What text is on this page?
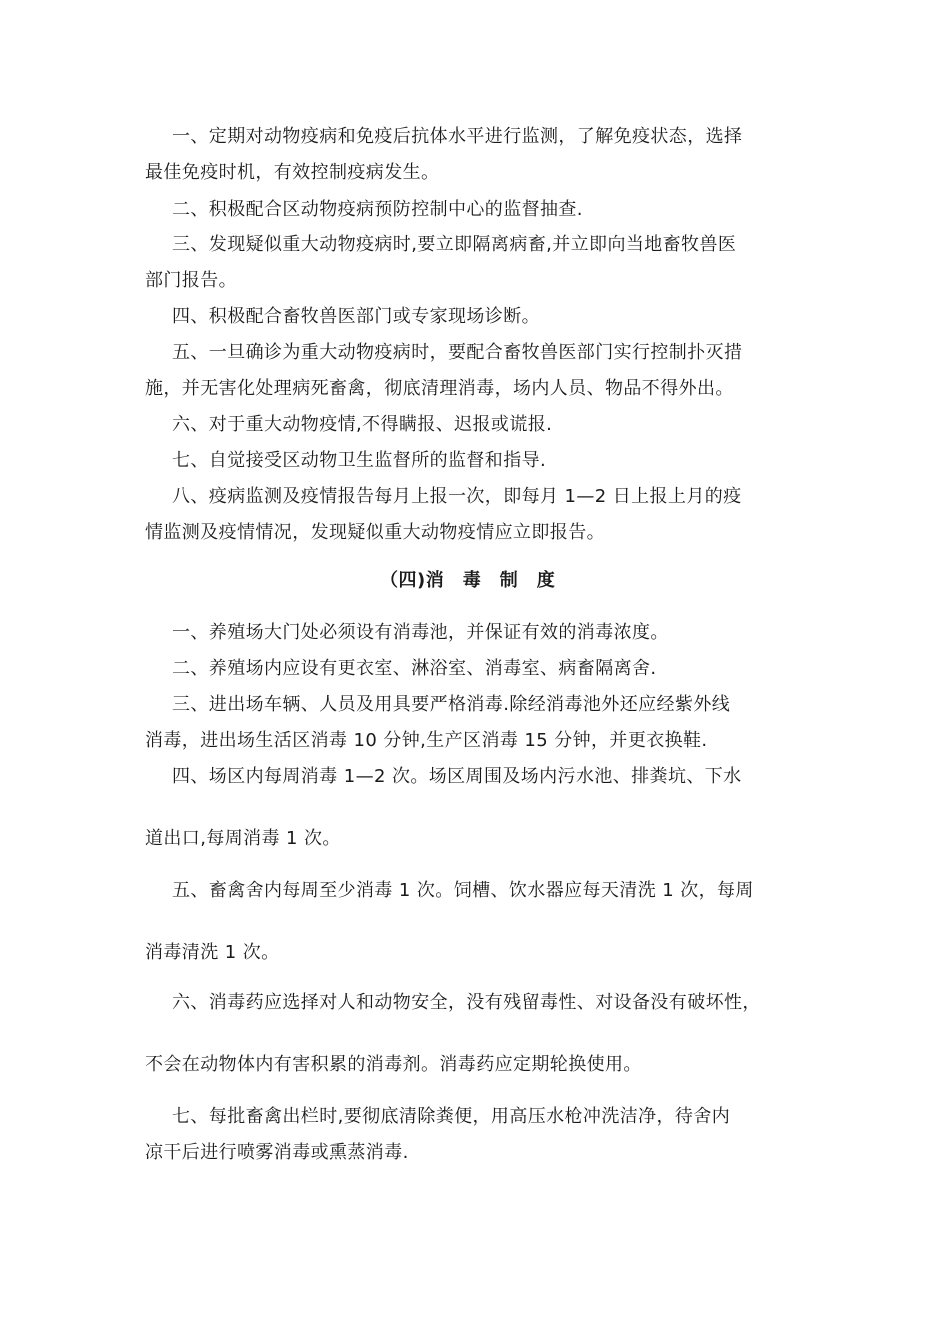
一、定期对动物疫病和免疫后抗体水平进行监测，了解免疫状态，选择
最佳免疫时机，有效控制疫病发生。
二、积极配合区动物疫病预防控制中心的监督抽查.
三、发现疑似重大动物疫病时,要立即隔离病畜,并立即向当地畜牧兽医
部门报告。
四、积极配合畜牧兽医部门或专家现场诊断。
五、一旦确诊为重大动物疫病时，要配合畜牧兽医部门实行控制扑灭措
施，并无害化处理病死畜禽，彻底清理消毒，场内人员、物品不得外出。
六、对于重大动物疫情,不得瞒报、迟报或谎报.
七、自觉接受区动物卫生监督所的监督和指导.
八、疫病监测及疫情报告每月上报一次，即每月 1—2 日上报上月的疫
情监测及疫情情况，发现疑似重大动物疫情应立即报告。
（四)消　毒　制　度
一、养殖场大门处必须设有消毒池，并保证有效的消毒浓度。
二、养殖场内应设有更衣室、淋浴室、消毒室、病畜隔离舍.
三、进出场车辆、人员及用具要严格消毒.除经消毒池外还应经紫外线
消毒，进出场生活区消毒 10 分钟,生产区消毒 15 分钟，并更衣换鞋.
四、场区内每周消毒 1—2 次。场区周围及场内污水池、排粪坑、下水
道出口,每周消毒 1 次。
五、畜禽舍内每周至少消毒 1 次。饲槽、饮水器应每天清洗 1 次，每周
消毒清洗 1 次。
六、消毒药应选择对人和动物安全，没有残留毒性、对设备没有破坏性，
不会在动物体内有害积累的消毒剂。消毒药应定期轮换使用。
七、每批畜禽出栏时,要彻底清除粪便，用高压水枪冲洗洁净，待舍内
凉干后进行喷雾消毒或熏蒸消毒.
